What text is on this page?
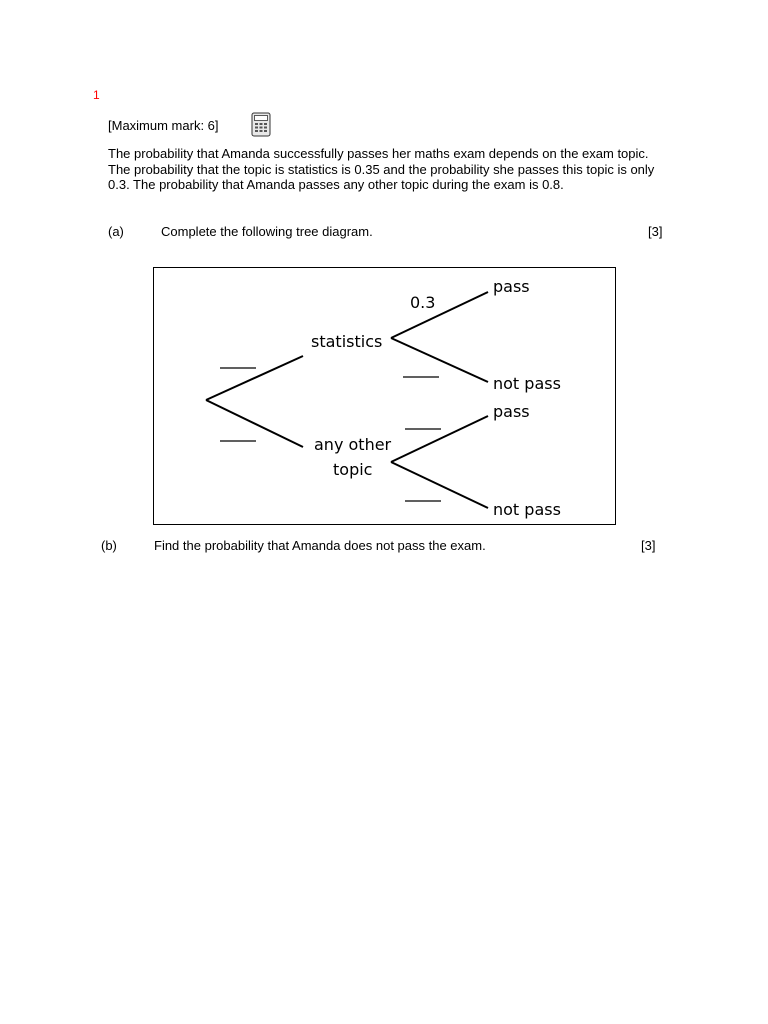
1
[Maximum mark: 6]
The probability that Amanda successfully passes her maths exam depends on the exam topic. The probability that the topic is statistics is 0.35 and the probability she passes this topic is only 0.3. The probability that Amanda passes any other topic during the exam is 0.8.
(a)	Complete the following tree diagram.	[3]
statistics
any other
topic
0.3
pass
not pass
pass
not pass
(b)	Find the probability that Amanda does not pass the exam.	[3]
